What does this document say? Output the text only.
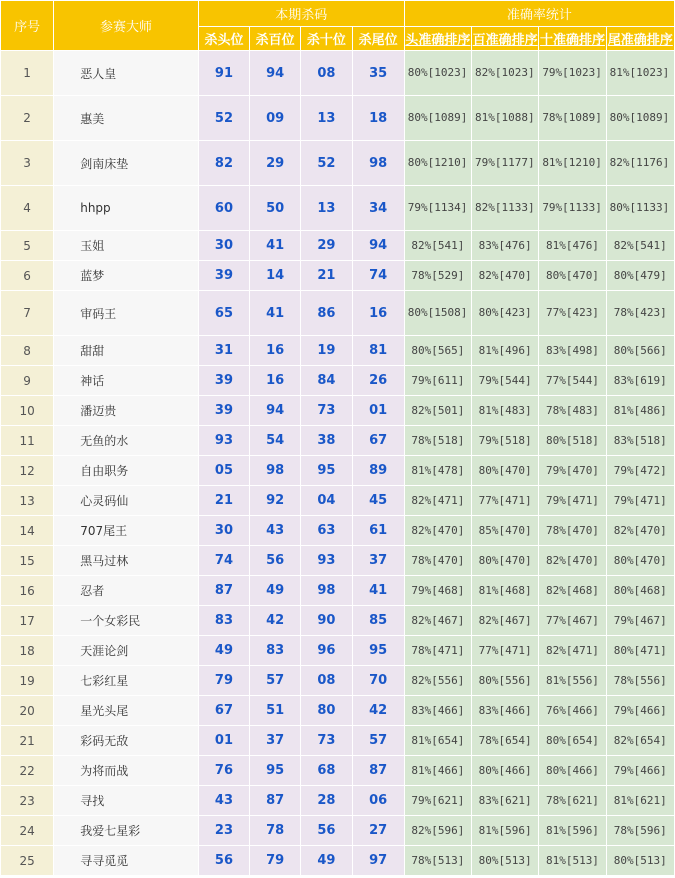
序号	参赛大师	本期杀码				准确率统计			
		杀头位	杀百位	杀十位	杀尾位	头准确排序	百准确排序	十准确排序	尾准确排序
1	恶人皇	91	94	08	35	80%[1023]	82%[1023]	79%[1023]	81%[1023]
2	惠美	52	09	13	18	80%[1089]	81%[1088]	78%[1089]	80%[1089]
3	剑南床垫	82	29	52	98	80%[1210]	79%[1177]	81%[1210]	82%[1176]
4	hhpp	60	50	13	34	79%[1134]	82%[1133]	79%[1133]	80%[1133]
5	玉姐	30	41	29	94	82%[541]	83%[476]	81%[476]	82%[541]
6	蓝梦	39	14	21	74	78%[529]	82%[470]	80%[470]	80%[479]
7	审码王	65	41	86	16	80%[1508]	80%[423]	77%[423]	78%[423]
8	甜甜	31	16	19	81	80%[565]	81%[496]	83%[498]	80%[566]
9	神话	39	16	84	26	79%[611]	79%[544]	77%[544]	83%[619]
10	潘迈贵	39	94	73	01	82%[501]	81%[483]	78%[483]	81%[486]
11	无鱼的水	93	54	38	67	78%[518]	79%[518]	80%[518]	83%[518]
12	自由职务	05	98	95	89	81%[478]	80%[470]	79%[470]	79%[472]
13	心灵码仙	21	92	04	45	82%[471]	77%[471]	79%[471]	79%[471]
14	707尾王	30	43	63	61	82%[470]	85%[470]	78%[470]	82%[470]
15	黑马过林	74	56	93	37	78%[470]	80%[470]	82%[470]	80%[470]
16	忍者	87	49	98	41	79%[468]	81%[468]	82%[468]	80%[468]
17	一个女彩民	83	42	90	85	82%[467]	82%[467]	77%[467]	79%[467]
18	天涯论剑	49	83	96	95	78%[471]	77%[471]	82%[471]	80%[471]
19	七彩红星	79	57	08	70	82%[556]	80%[556]	81%[556]	78%[556]
20	星光头尾	67	51	80	42	83%[466]	83%[466]	76%[466]	79%[466]
21	彩码无敌	01	37	73	57	81%[654]	78%[654]	80%[654]	82%[654]
22	为将而战	76	95	68	87	81%[466]	80%[466]	80%[466]	79%[466]
23	寻找	43	87	28	06	79%[621]	83%[621]	78%[621]	81%[621]
24	我爱七星彩	23	78	56	27	82%[596]	81%[596]	81%[596]	78%[596]
25	寻寻觅觅	56	79	49	97	78%[513]	80%[513]	81%[513]	80%[513]
